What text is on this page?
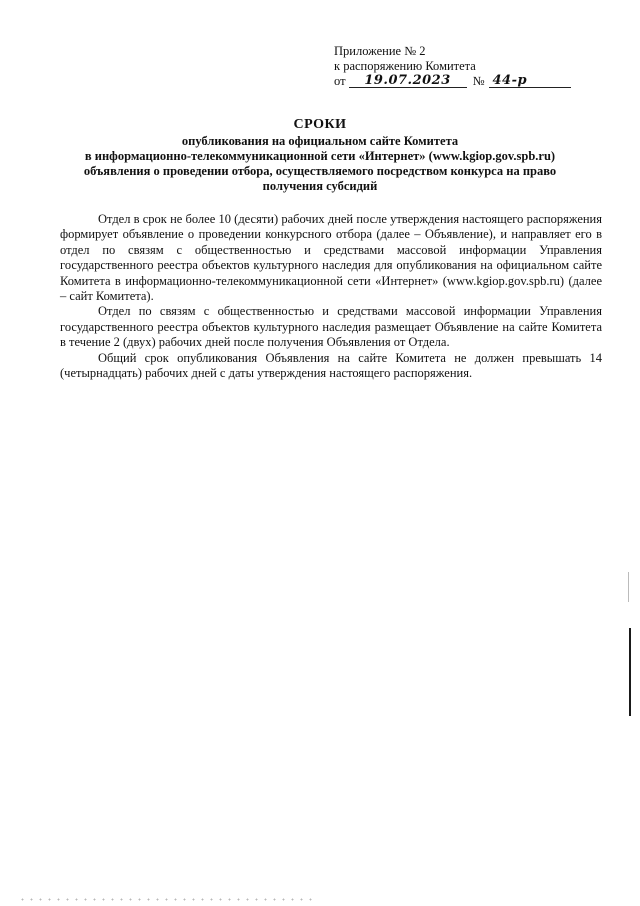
Приложение № 2
к распоряжению Комитета
от 19.07.2023 № 44-р
СРОКИ
опубликования на официальном сайте Комитета
в информационно-телекоммуникационной сети «Интернет» (www.kgiop.gov.spb.ru)
объявления о проведении отбора, осуществляемого посредством конкурса на право
получения субсидий

Отдел в срок не более 10 (десяти) рабочих дней после утверждения настоящего распоряжения формирует объявление о проведении конкурсного отбора (далее – Объявление), и направляет его в отдел по связям с общественностью и средствами массовой информации Управления государственного реестра объектов культурного наследия для опубликования на официальном сайте Комитета в информационно-телекоммуникационной сети «Интернет» (www.kgiop.gov.spb.ru) (далее – сайт Комитета).

Отдел по связям с общественностью и средствами массовой информации Управления государственного реестра объектов культурного наследия размещает Объявление на сайте Комитета в течение 2 (двух) рабочих дней после получения Объявления от Отдела.

Общий срок опубликования Объявления на сайте Комитета не должен превышать 14 (четырнадцать) рабочих дней с даты утверждения настоящего распоряжения.
